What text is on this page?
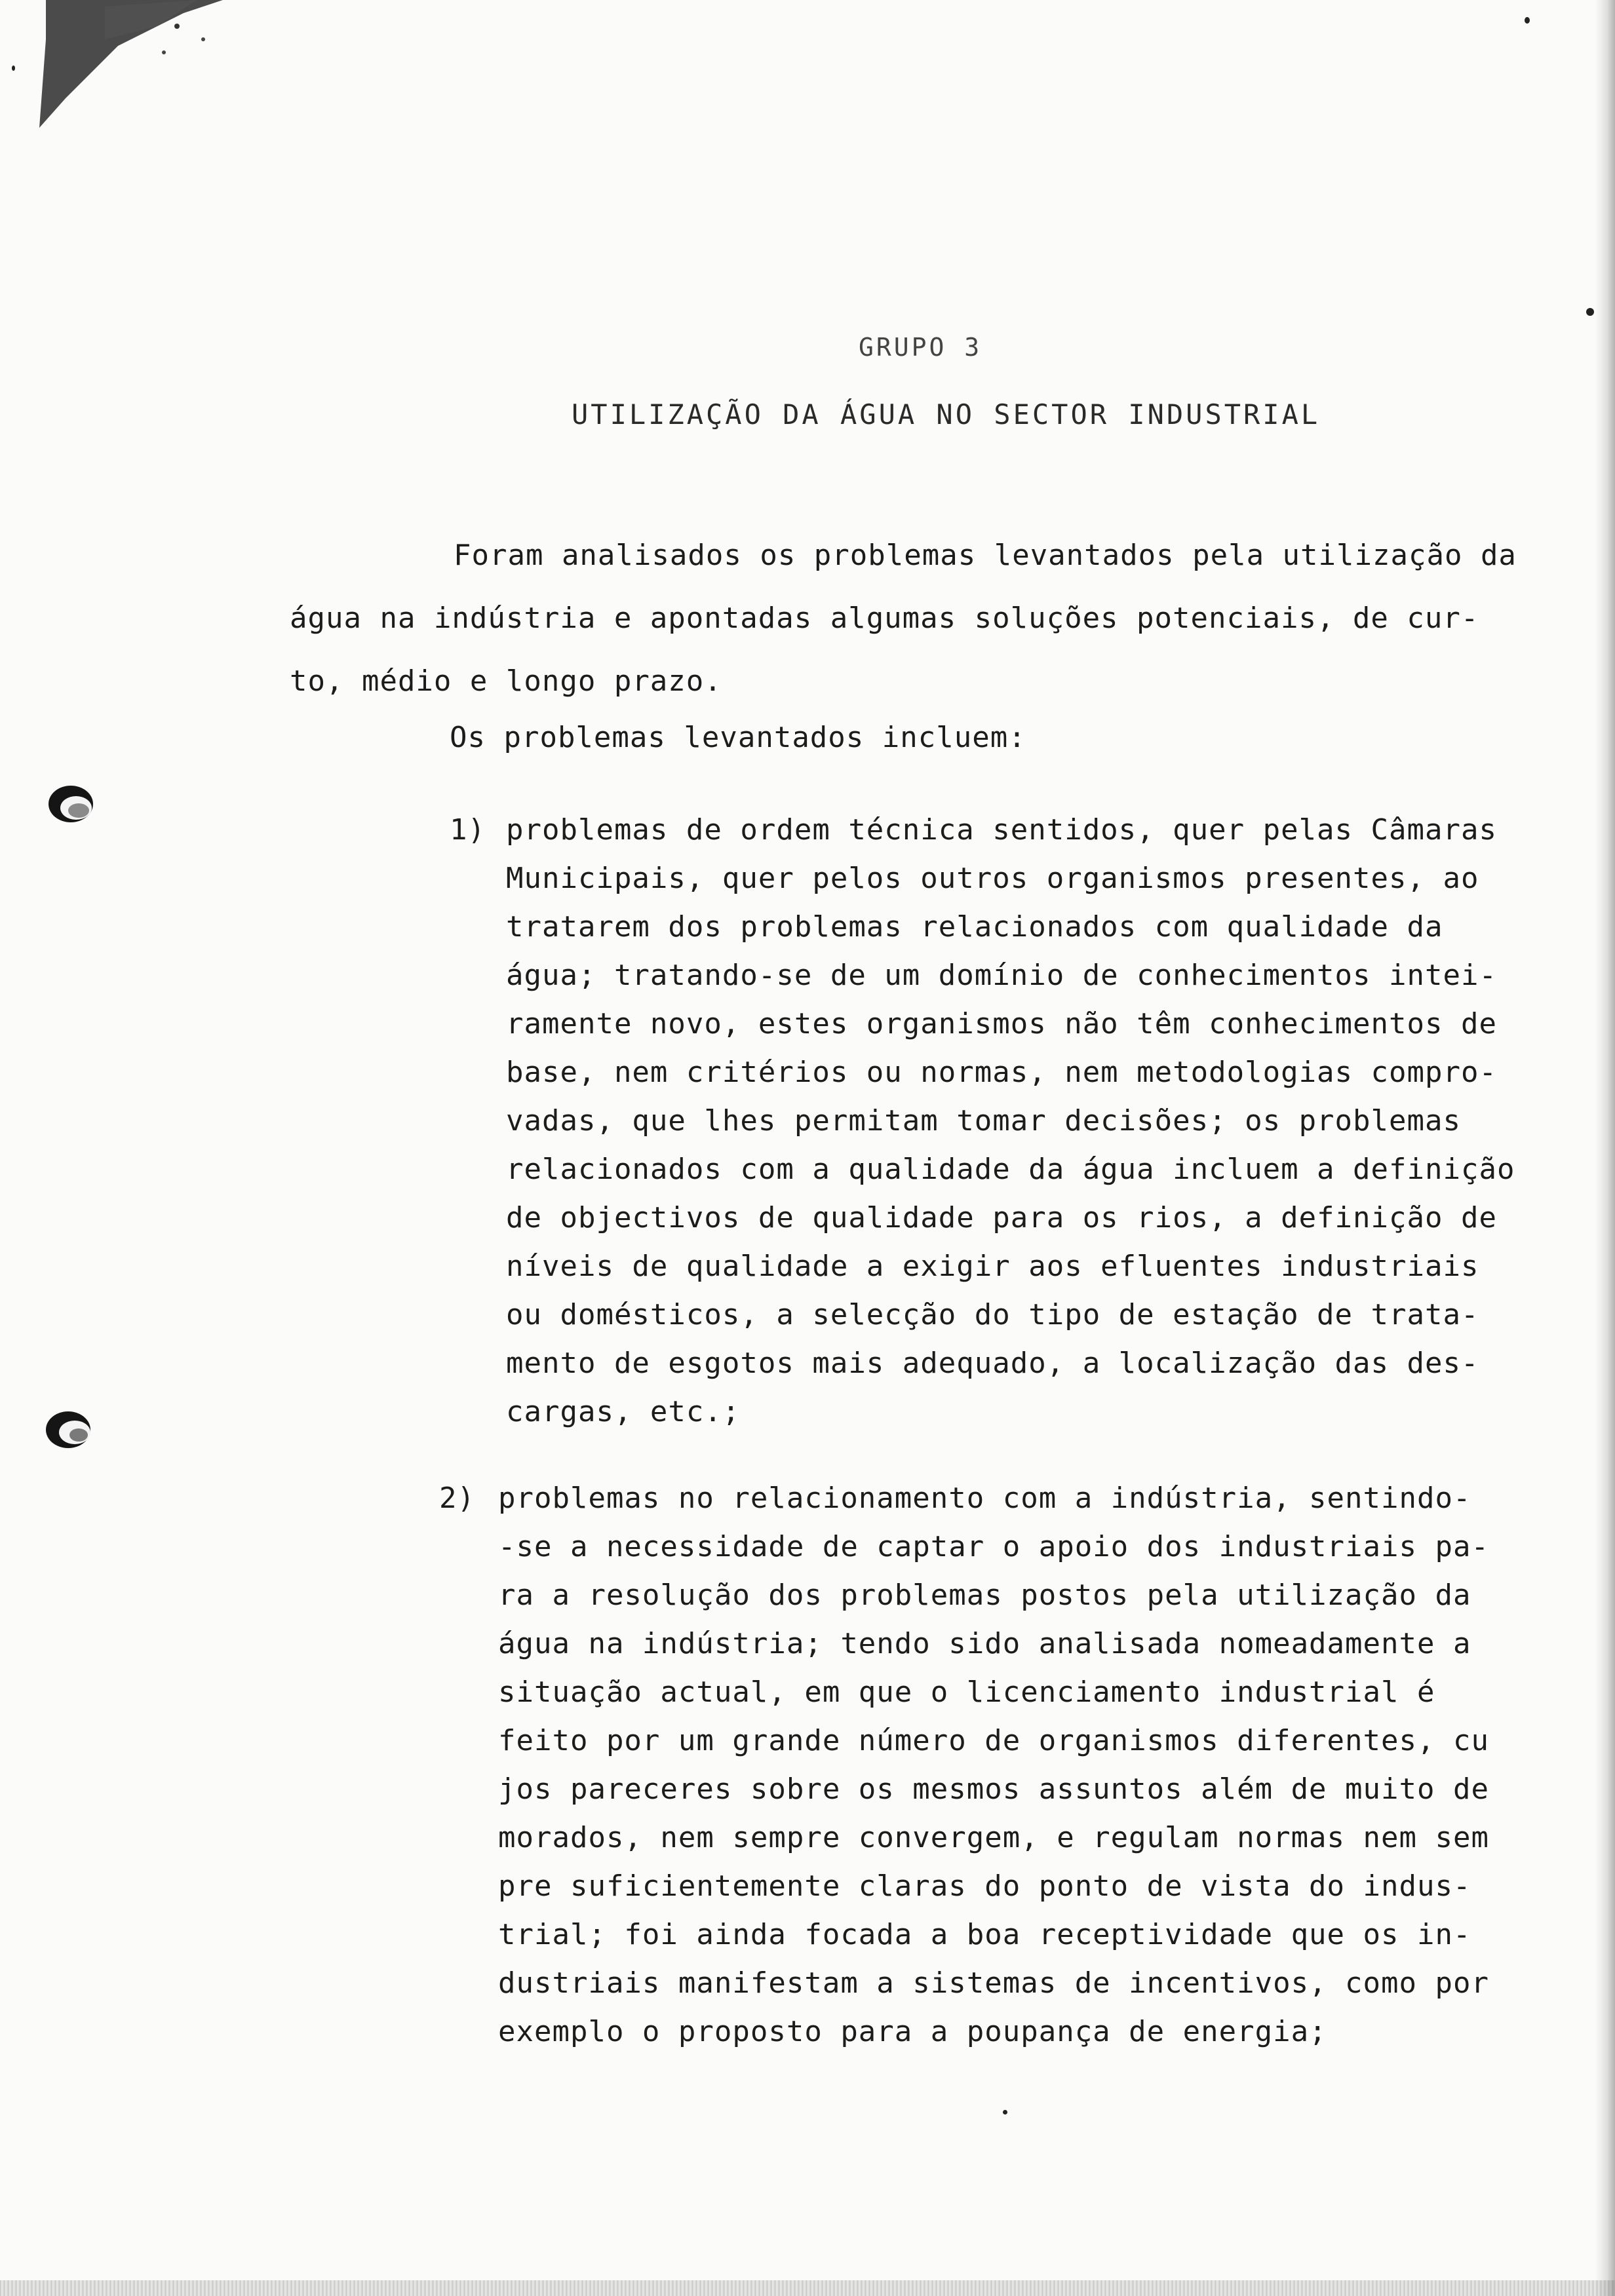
GRUPO 3
UTILIZAÇÃO DA ÁGUA NO SECTOR INDUSTRIAL
Foram analisados os problemas levantados pela utilização da
água na indústria e apontadas algumas soluções potenciais, de cur-
to, médio e longo prazo.
Os problemas levantados incluem:
1) problemas de ordem técnica sentidos, quer pelas Câmaras
Municipais, quer pelos outros organismos presentes, ao
tratarem dos problemas relacionados com qualidade da
água; tratando-se de um domínio de conhecimentos intei-
ramente novo, estes organismos não têm conhecimentos de
base, nem critérios ou normas, nem metodologias compro-
vadas, que lhes permitam tomar decisões; os problemas
relacionados com a qualidade da água incluem a definição
de objectivos de qualidade para os rios, a definição de
níveis de qualidade a exigir aos efluentes industriais
ou domésticos, a selecção do tipo de estação de trata-
mento de esgotos mais adequado, a localização das des-
cargas, etc.;
2) problemas no relacionamento com a indústria, sentindo-
-se a necessidade de captar o apoio dos industriais pa-
ra a resolução dos problemas postos pela utilização da
água na indústria; tendo sido analisada nomeadamente a
situação actual, em que o licenciamento industrial é
feito por um grande número de organismos diferentes, cu
jos pareceres sobre os mesmos assuntos além de muito de
morados, nem sempre convergem, e regulam normas nem sem
pre suficientemente claras do ponto de vista do indus-
trial; foi ainda focada a boa receptividade que os in-
dustriais manifestam a sistemas de incentivos, como por
exemplo o proposto para a poupança de energia;
